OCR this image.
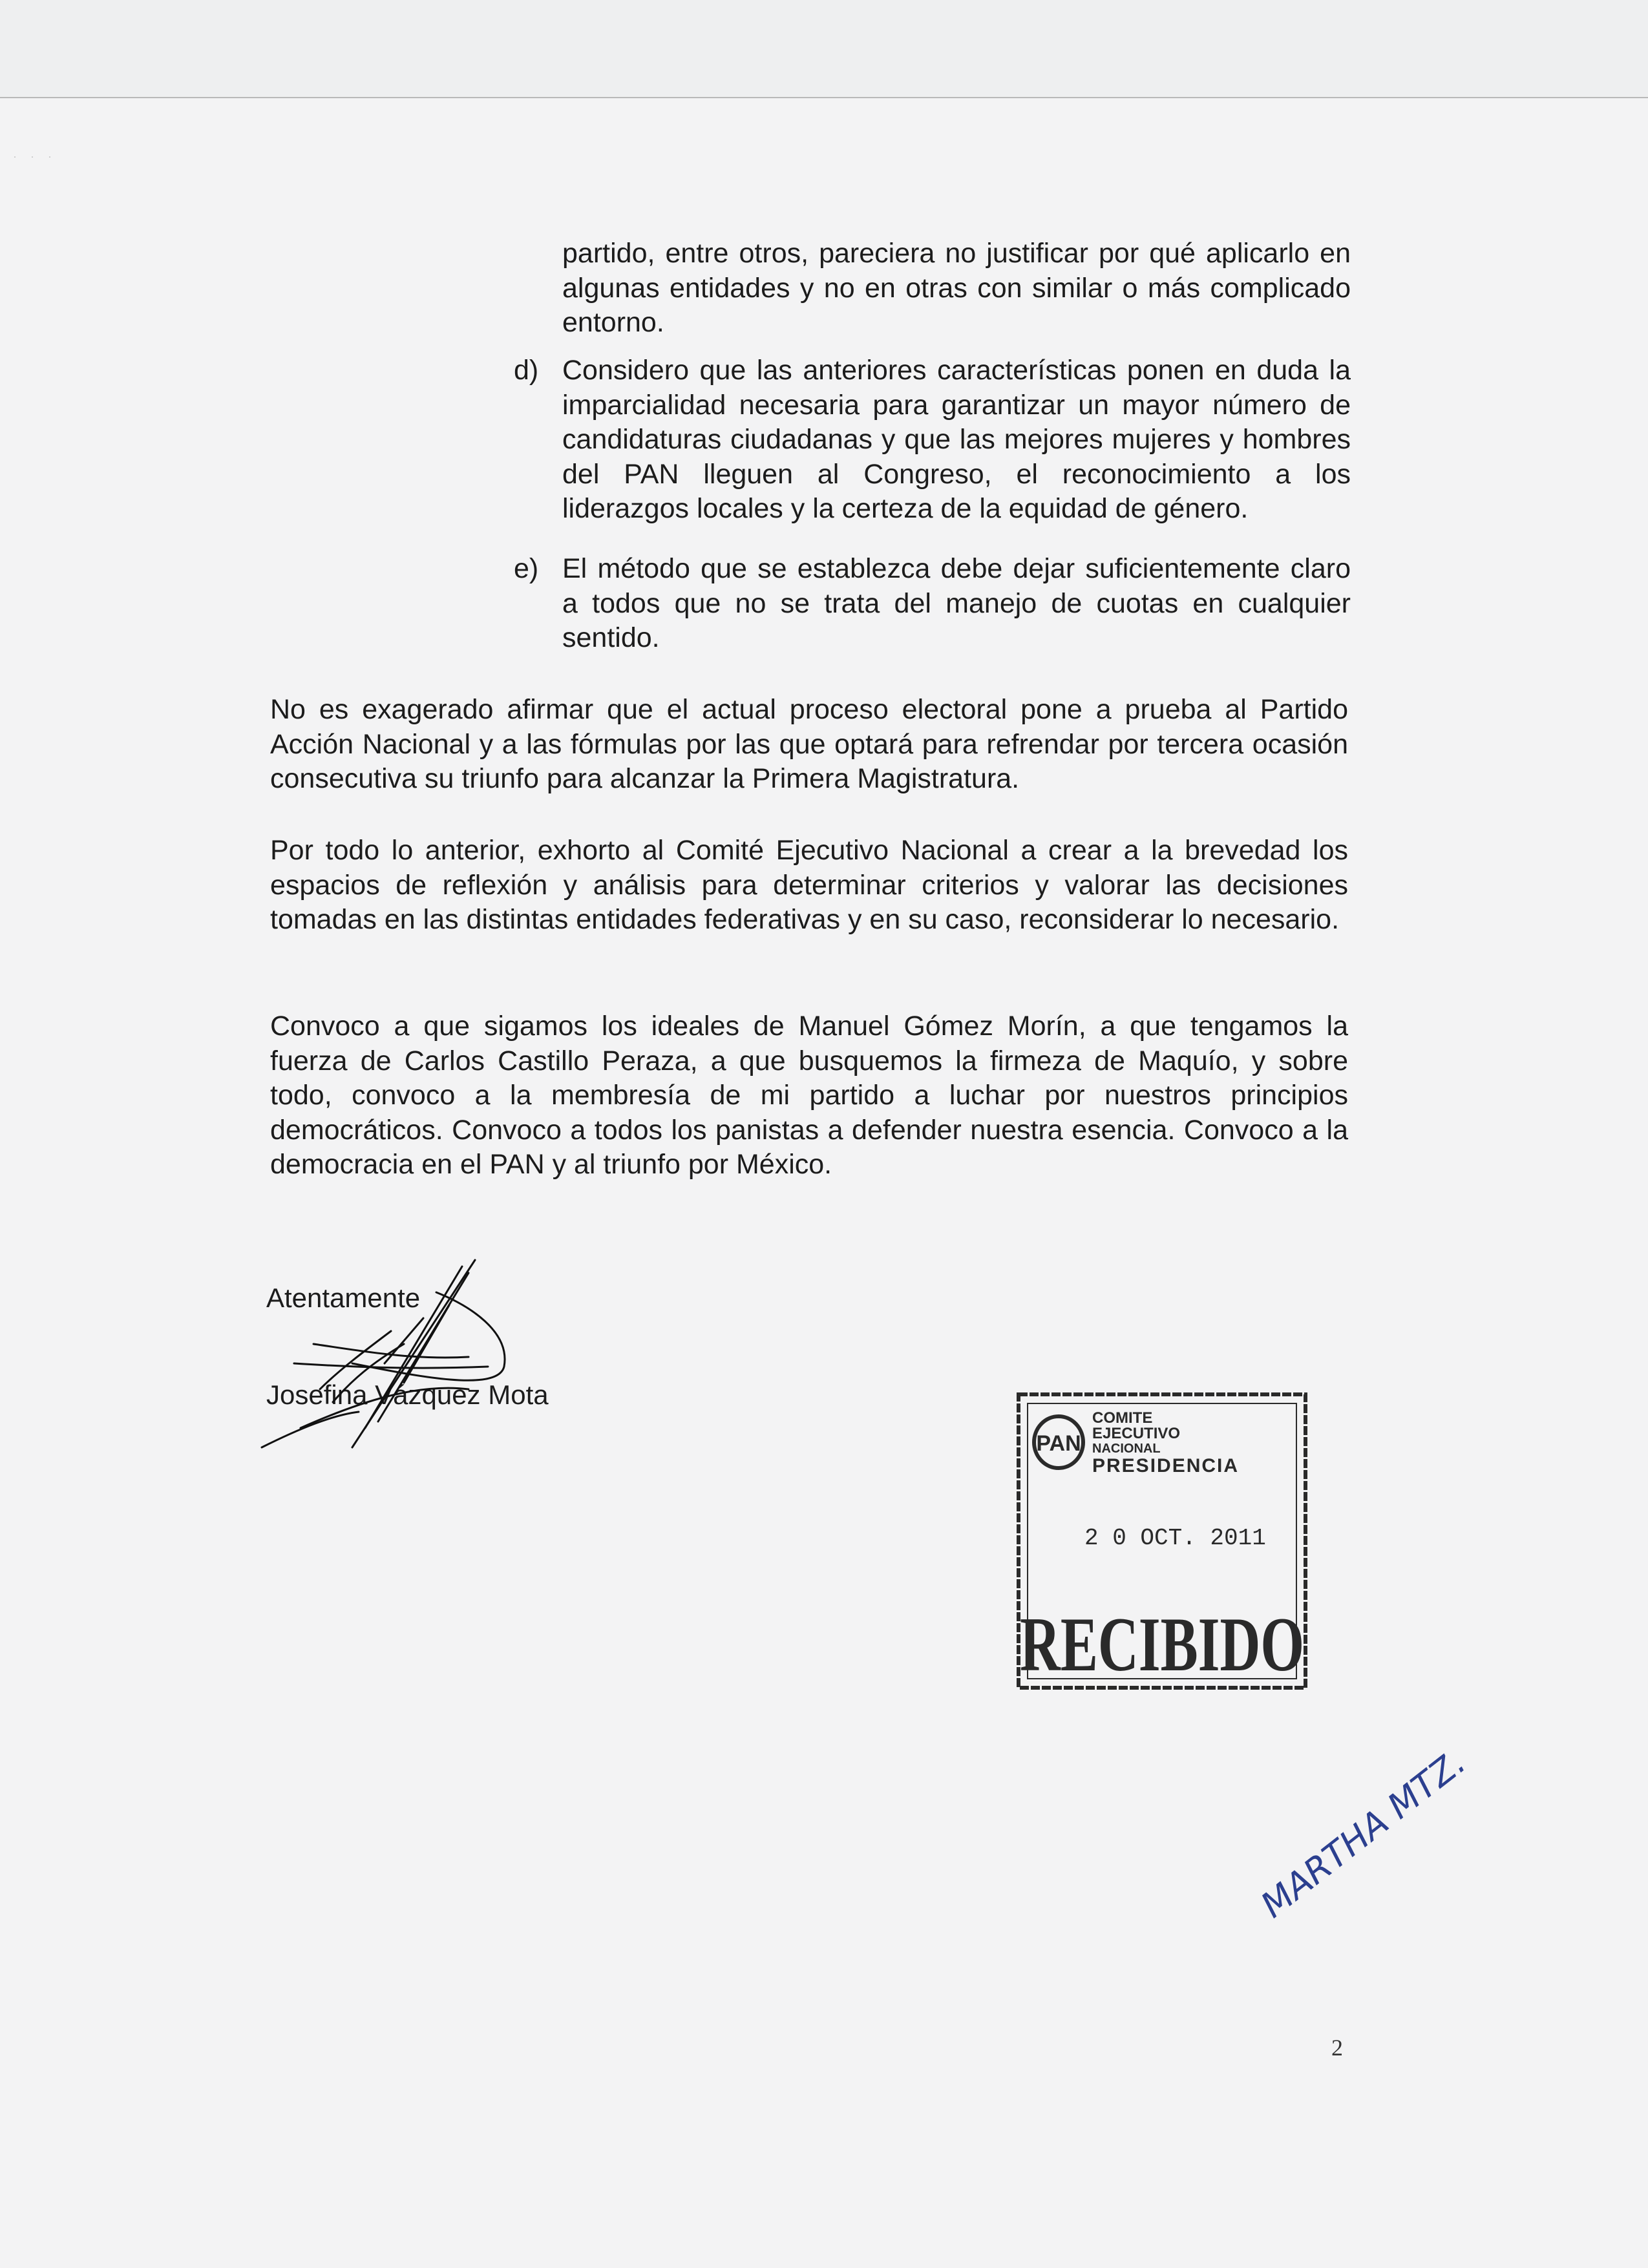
· · ·
partido, entre otros, pareciera no justificar por qué aplicarlo en algunas entidades y no en otras con similar o más complicado entorno.
d) Considero que las anteriores características ponen en duda la imparcialidad necesaria para garantizar un mayor número de candidaturas ciudadanas y que las mejores mujeres y hombres del PAN lleguen al Congreso, el reconocimiento a los liderazgos locales y la certeza de la equidad de género.
e) El método que se establezca debe dejar suficientemente claro a todos que no se trata del manejo de cuotas en cualquier sentido.
No es exagerado afirmar que el actual proceso electoral pone a prueba al Partido Acción Nacional y a las fórmulas por las que optará para refrendar por tercera ocasión consecutiva su triunfo para alcanzar la Primera Magistratura.
Por todo lo anterior, exhorto al Comité Ejecutivo Nacional a crear a la brevedad los espacios de reflexión y análisis para determinar criterios y valorar las decisiones tomadas en las distintas entidades federativas y en su caso, reconsiderar lo necesario.
Convoco a que sigamos los ideales de Manuel Gómez Morín, a que tengamos la fuerza de Carlos Castillo Peraza, a que busquemos la firmeza de Maquío, y sobre todo, convoco a la membresía de mi partido a luchar por nuestros principios democráticos. Convoco a todos los panistas a defender nuestra esencia. Convoco a la democracia en el PAN y al triunfo por México.
Atentamente
Josefina Vázquez Mota
PAN
COMITE
EJECUTIVO
NACIONAL
PRESIDENCIA
2 0 OCT. 2011
RECIBIDO
MARTHA MTZ.
2
